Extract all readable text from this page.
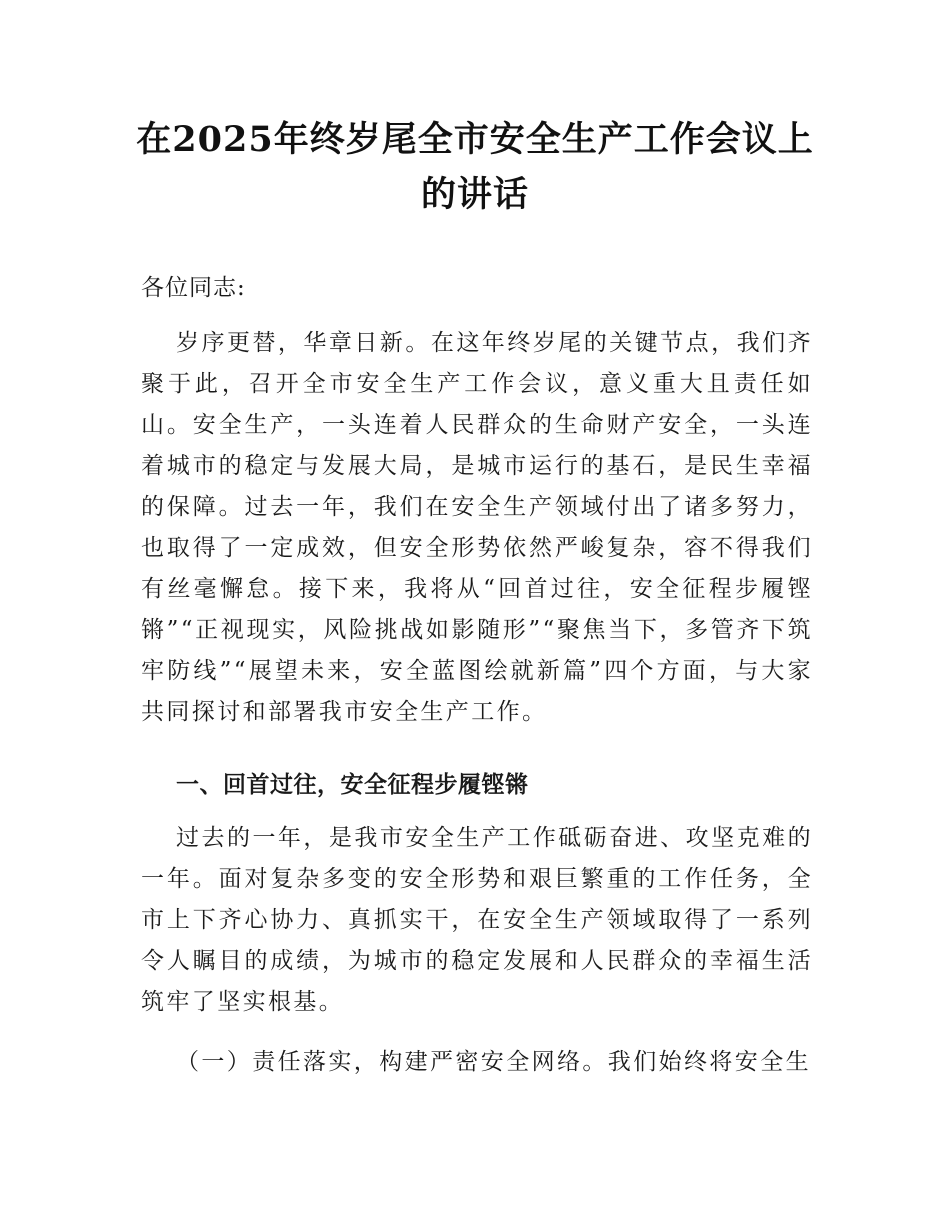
在2025年终岁尾全市安全生产工作会议上的讲话

各位同志:

岁序更替，华章日新。在这年终岁尾的关键节点，我们齐聚于此，召开全市安全生产工作会议，意义重大且责任如山。安全生产，一头连着人民群众的生命财产安全，一头连着城市的稳定与发展大局，是城市运行的基石，是民生幸福的保障。过去一年，我们在安全生产领域付出了诸多努力，也取得了一定成效，但安全形势依然严峻复杂，容不得我们有丝毫懈怠。接下来，我将从“回首过往，安全征程步履铿锵”“正视现实，风险挑战如影随形”“聚焦当下，多管齐下筑牢防线”“展望未来，安全蓝图绘就新篇”四个方面，与大家共同探讨和部署我市安全生产工作。

一、回首过往，安全征程步履铿锵

过去的一年，是我市安全生产工作砥砺奋进、攻坚克难的一年。面对复杂多变的安全形势和艰巨繁重的工作任务，全市上下齐心协力、真抓实干，在安全生产领域取得了一系列令人瞩目的成绩，为城市的稳定发展和人民群众的幸福生活筑牢了坚实根基。

（一）责任落实，构建严密安全网络。我们始终将安全生
